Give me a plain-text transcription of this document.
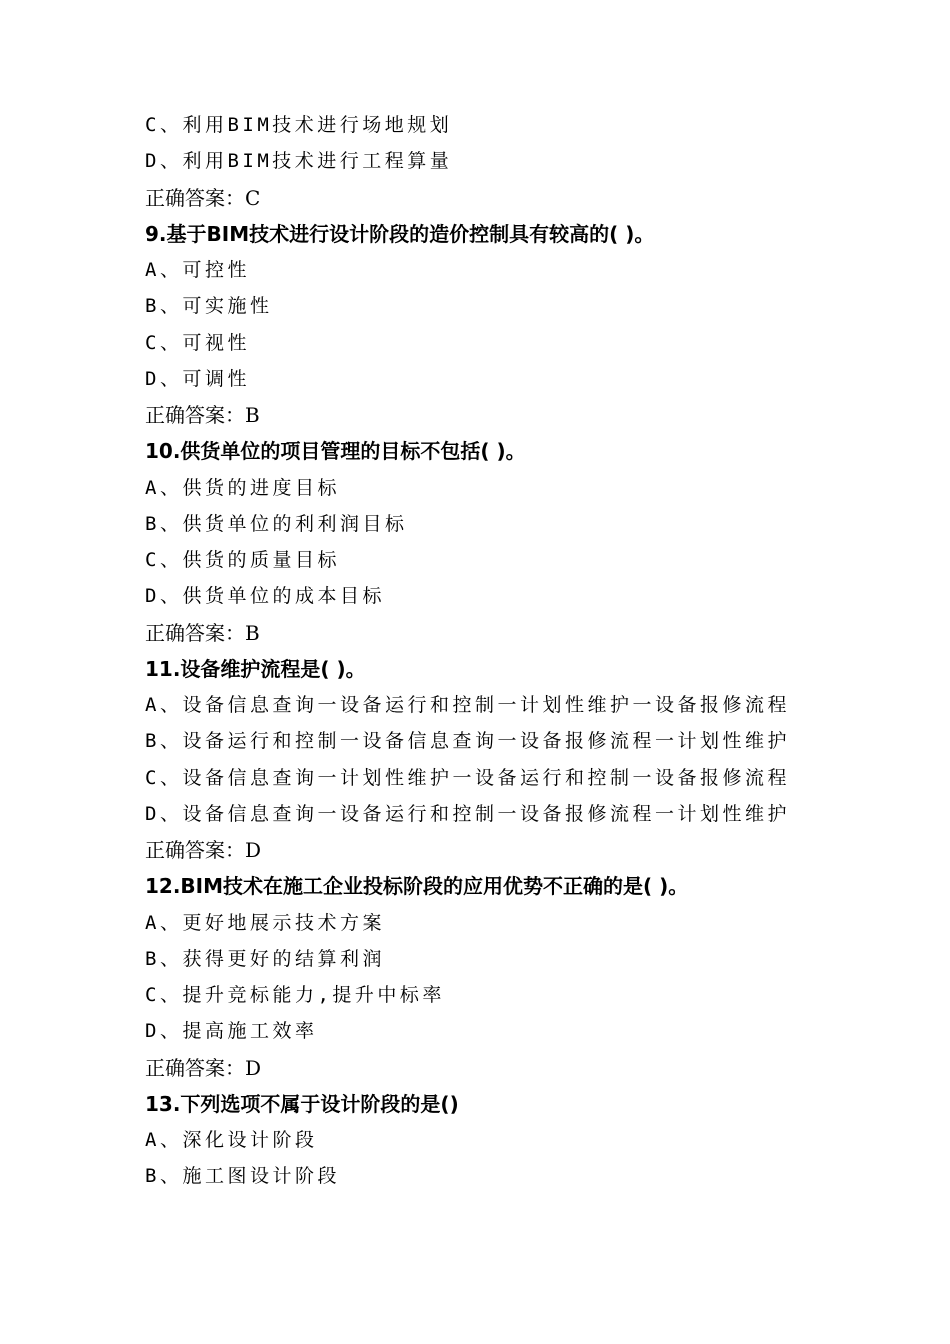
C、利用BIM技术进行场地规划
D、利用BIM技术进行工程算量
正确答案：C
9.基于BIM技术进行设计阶段的造价控制具有较高的( )。
A、可控性
B、可实施性
C、可视性
D、可调性
正确答案：B
10.供货单位的项目管理的目标不包括( )。
A、供货的进度目标
B、供货单位的利利润目标
C、供货的质量目标
D、供货单位的成本目标
正确答案：B
11.设备维护流程是( )。
A、设备信息查询一设备运行和控制一计划性维护一设备报修流程
B、设备运行和控制一设备信息查询一设备报修流程一计划性维护
C、设备信息查询一计划性维护一设备运行和控制一设备报修流程
D、设备信息查询一设备运行和控制一设备报修流程一计划性维护
正确答案：D
12.BIM技术在施工企业投标阶段的应用优势不正确的是( )。
A、更好地展示技术方案
B、获得更好的结算利润
C、提升竞标能力,提升中标率
D、提高施工效率
正确答案：D
13.下列选项不属于设计阶段的是()
A、深化设计阶段
B、施工图设计阶段
